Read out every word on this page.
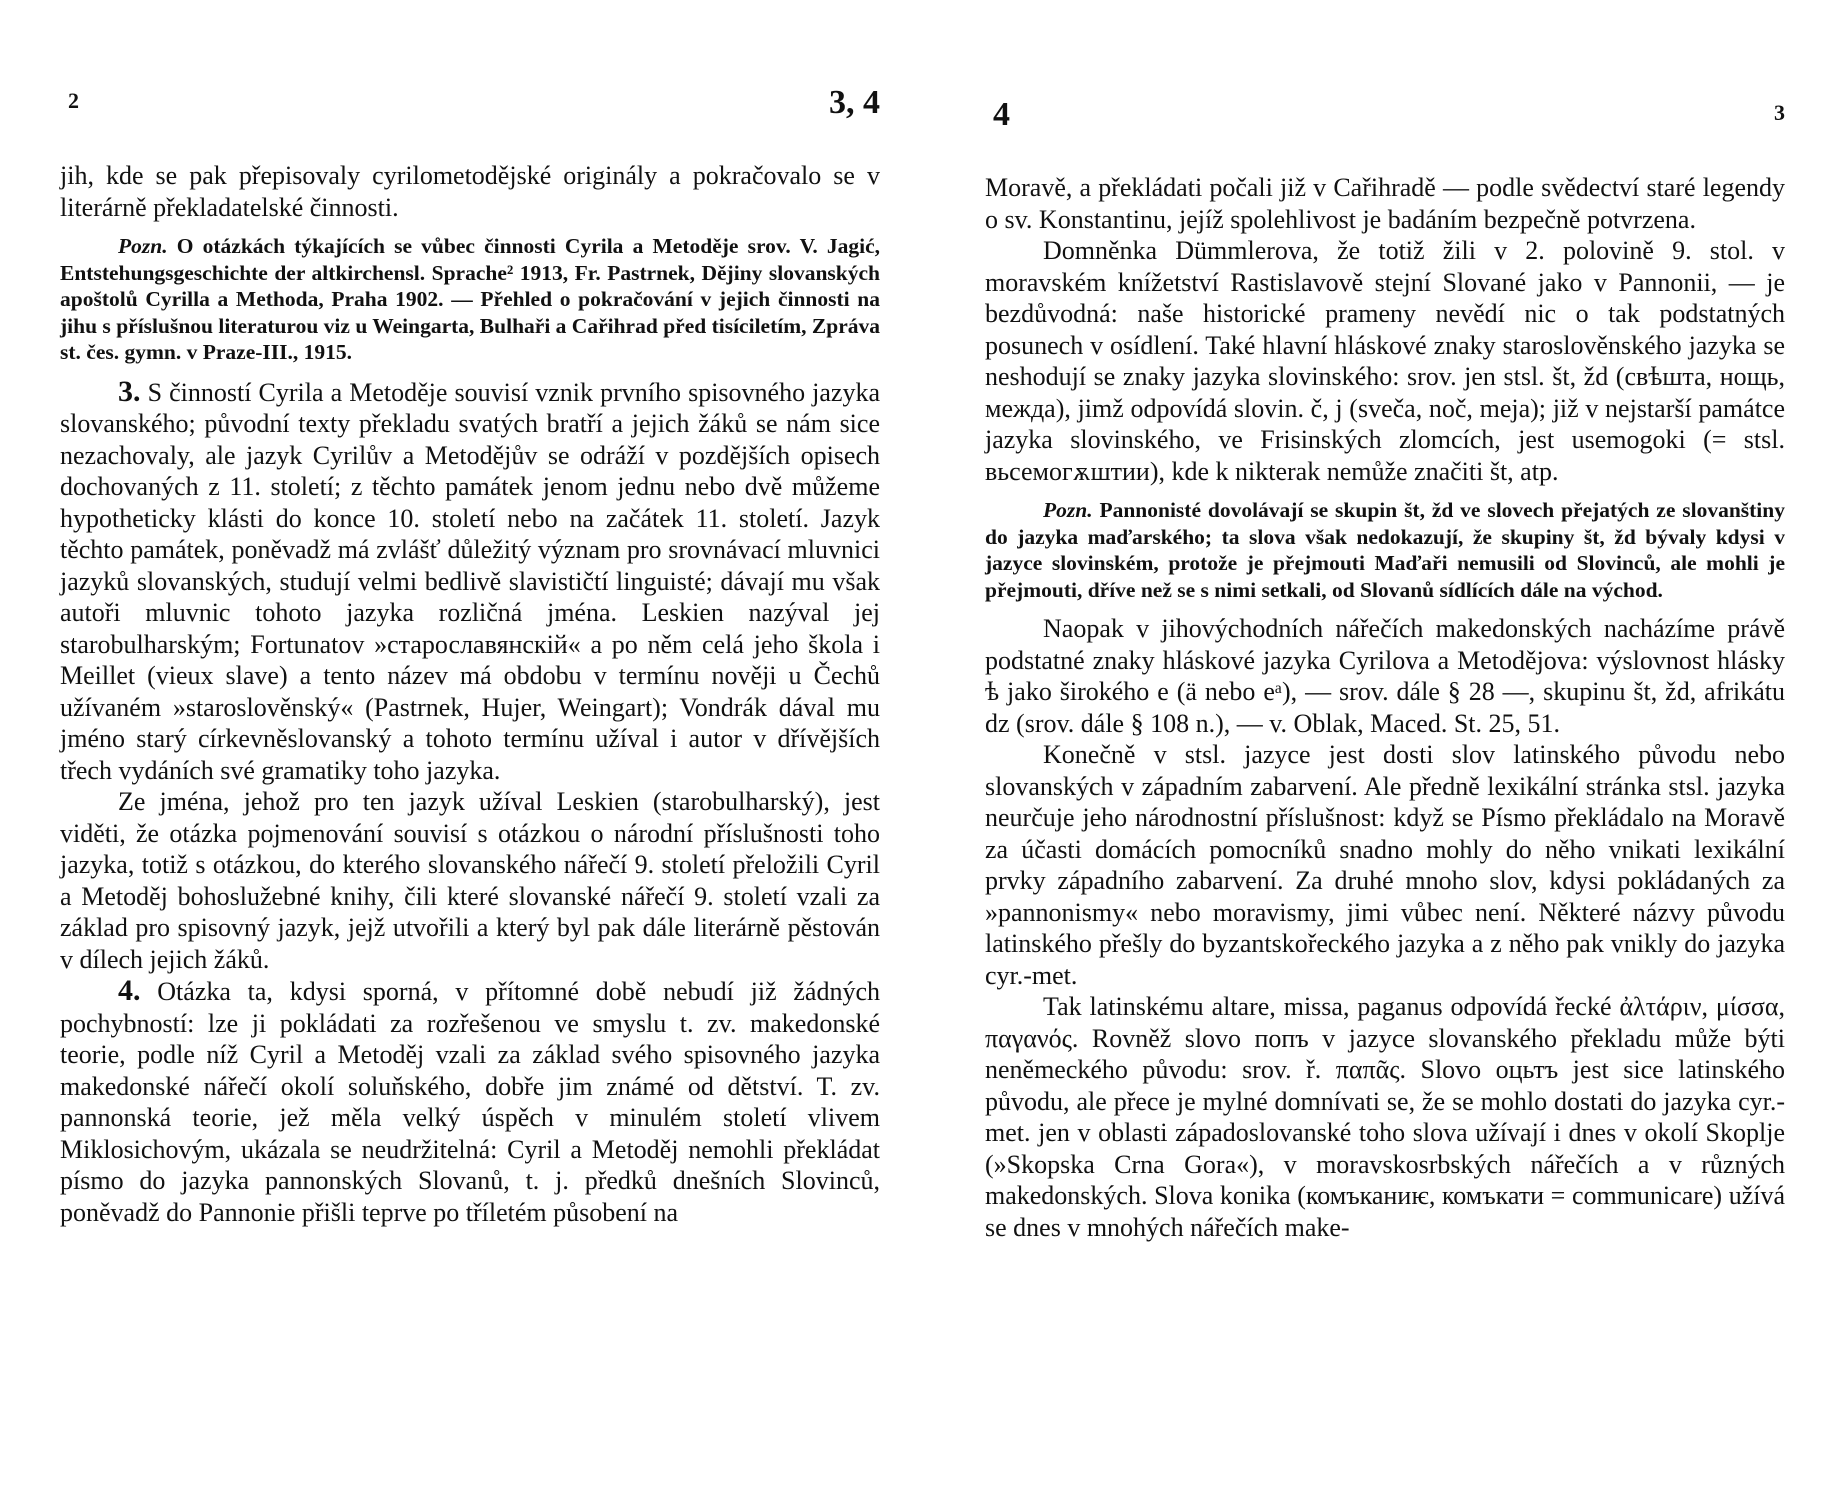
2	3, 4

jih, kde se pak přepisovaly cyrilometodějské originály a pokračovalo se v literárně překladatelské činnosti.

Pozn. O otázkách týkajících se vůbec činnosti Cyrila a Metoděje srov. V. Jagić, Entstehungsgeschichte der altkirchensl. Sprache² 1913, Fr. Pastrnek, Dějiny slovanských apoštolů Cyrilla a Methoda, Praha 1902. — Přehled o pokračování v jejich činnosti na jihu s příslušnou literaturou viz u Weingarta, Bulhaři a Cařihrad před tisíciletím, Zpráva st. čes. gymn. v Praze-III., 1915.

3. S činností Cyrila a Metoděje souvisí vznik prvního spisovného jazyka slovanského; původní texty překladu svatých bratří a jejich žáků se nám sice nezachovaly, ale jazyk Cyrilův a Metodějův se odráží v pozdějších opisech dochovaných z 11. století; z těchto památek jenom jednu nebo dvě můžeme hypotheticky klásti do konce 10. století nebo na začátek 11. století. Jazyk těchto památek, poněvadž má zvlášť důležitý význam pro srovnávací mluvnici jazyků slovanských, studují velmi bedlivě slavističtí linguisté; dávají mu však autoři mluvnic tohoto jazyka rozličná jména. Leskien nazýval jej starobulharským; Fortunatov »старославянскій« a po něm celá jeho škola i Meillet (vieux slave) a tento název má obdobu v termínu nověji u Čechů užívaném »staroslověnský« (Pastrnek, Hujer, Weingart); Vondrák dával mu jméno starý církevněslovanský a tohoto termínu užíval i autor v dřívějších třech vydáních své gramatiky toho jazyka.

Ze jména, jehož pro ten jazyk užíval Leskien (starobulharský), jest viděti, že otázka pojmenování souvisí s otázkou o národní příslušnosti toho jazyka, totiž s otázkou, do kterého slovanského nářečí 9. století přeložili Cyril a Metoděj bohoslužebné knihy, čili které slovanské nářečí 9. století vzali za základ pro spisovný jazyk, jejž utvořili a který byl pak dále literárně pěstován v dílech jejich žáků.

4. Otázka ta, kdysi sporná, v přítomné době nebudí již žádných pochybností: lze ji pokládati za rozřešenou ve smyslu t. zv. makedonské teorie, podle níž Cyril a Metoděj vzali za základ svého spisovného jazyka makedonské nářečí okolí soluňského, dobře jim známé od dětství. T. zv. pannonská teorie, jež měla velký úspěch v minulém století vlivem Miklosichovým, ukázala se neudržitelná: Cyril a Metoděj nemohli překládat písmo do jazyka pannonských Slovanů, t. j. předků dnešních Slovinců, poněvadž do Pannonie přišli teprve po tříletém působení na

4	3

Moravě, a překládati počali již v Cařihradě — podle svědectví staré legendy o sv. Konstantinu, jejíž spolehlivost je badáním bezpečně potvrzena.

Domněnka Dümmlerova, že totiž žili v 2. polovině 9. stol. v moravském knížetství Rastislavově stejní Slované jako v Pannonii, — je bezdůvodná: naše historické prameny nevědí nic o tak podstatných posunech v osídlení. Také hlavní hláskové znaky staroslověnského jazyka se neshodují se znaky jazyka slovinského: srov. jen stsl. št, žd (свѣшта, нощь, межда), jimž odpovídá slovin. č, j (sveča, noč, meja); již v nejstarší památce jazyka slovinského, ve Frisinských zlomcích, jest usemogoki (= stsl. вьсемогѫштии), kde k nikterak nemůže značiti št, atp.

Pozn. Pannonisté dovolávají se skupin št, žd ve slovech přejatých ze slovanštiny do jazyka maďarského; ta slova však nedokazují, že skupiny št, žd bývaly kdysi v jazyce slovinském, protože je přejmouti Maďaři nemusili od Slovinců, ale mohli je přejmouti, dříve než se s nimi setkali, od Slovanů sídlících dále na východ.

Naopak v jihovýchodních nářečích makedonských nacházíme právě podstatné znaky hláskové jazyka Cyrilova a Metodějova: výslovnost hlásky ѣ jako širokého e (ä nebo eᵃ), — srov. dále § 28 —, skupinu št, žd, afrikátu dz (srov. dále § 108 n.), — v. Oblak, Maced. St. 25, 51.

Konečně v stsl. jazyce jest dosti slov latinského původu nebo slovanských v západním zabarvení. Ale předně lexikální stránka stsl. jazyka neurčuje jeho národnostní příslušnost: když se Písmo překládalo na Moravě za účasti domácích pomocníků snadno mohly do něho vnikati lexikální prvky západního zabarvení. Za druhé mnoho slov, kdysi pokládaných za »pannonismy« nebo moravismy, jimi vůbec není. Některé názvy původu latinského přešly do byzantskořeckého jazyka a z něho pak vnikly do jazyka cyr.-met.

Tak latinskému altare, missa, paganus odpovídá řecké ἀλτάριν, μίσσα, παγανός. Rovněž slovo попъ v jazyce slovanského překladu může býti neněmeckého původu: srov. ř. παπᾶς. Slovo оцьтъ jest sice latinského původu, ale přece je mylné domnívati se, že se mohlo dostati do jazyka cyr.-met. jen v oblasti západoslovanské toho slova užívají i dnes v okolí Skoplje (»Skopska Crna Gora«), v moravskosrbských nářečích a v různých makedonských. Slova konika (комъканиѥ, комъкати = communicare) užívá se dnes v mnohých nářečích make-
